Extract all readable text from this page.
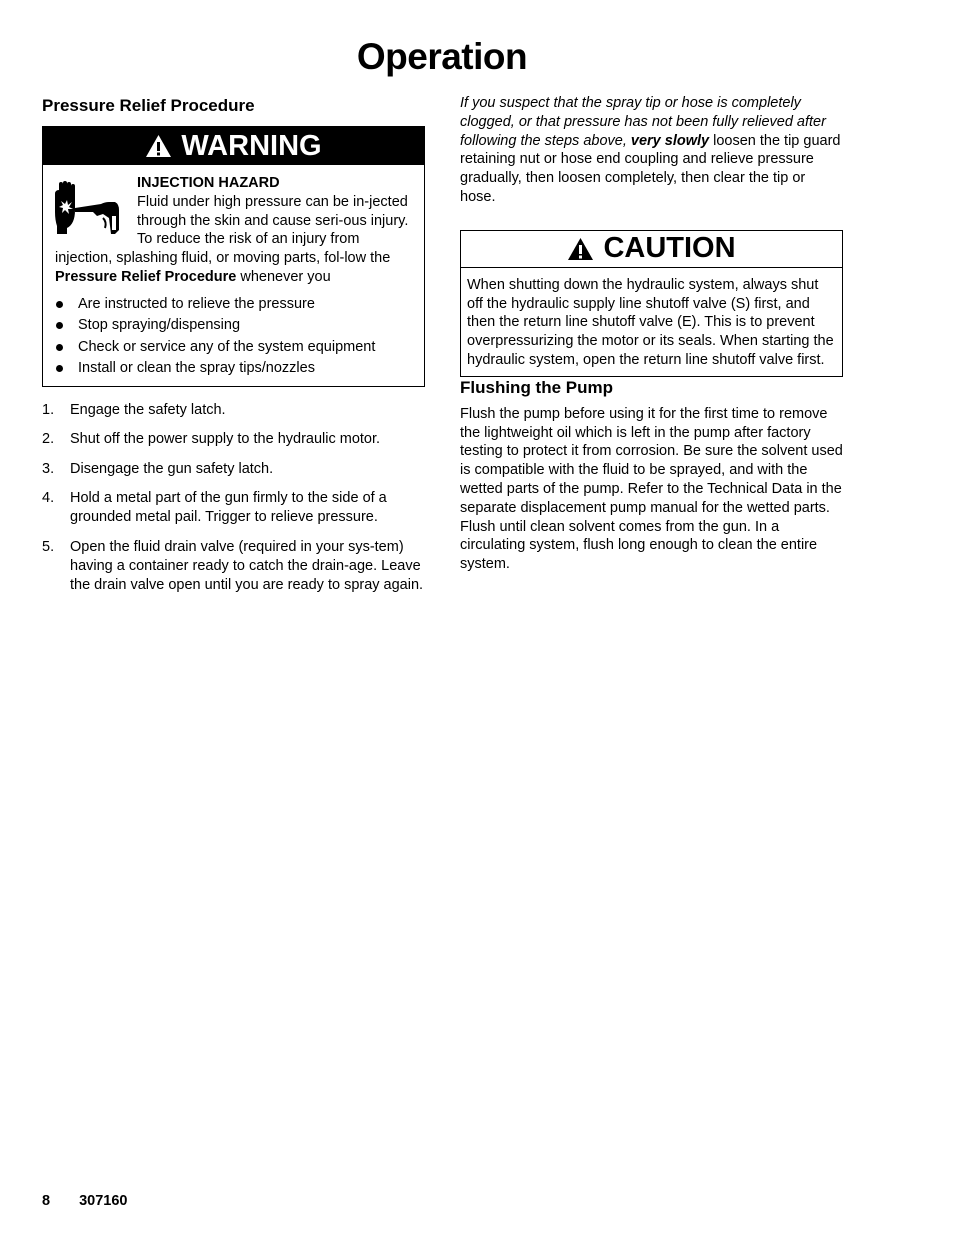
Operation
Pressure Relief Procedure
WARNING
INJECTION HAZARD
Fluid under high pressure can be in-jected through the skin and cause seri-ous injury. To reduce the risk of an injury from injection, splashing fluid, or moving parts, fol-low the Pressure Relief Procedure whenever you
Are instructed to relieve the pressure
Stop spraying/dispensing
Check or service any of the system equipment
Install or clean the spray tips/nozzles
1. Engage the safety latch.
2. Shut off the power supply to the hydraulic motor.
3. Disengage the gun safety latch.
4. Hold a metal part of the gun firmly to the side of a grounded metal pail. Trigger to relieve pressure.
5. Open the fluid drain valve (required in your sys-tem) having a container ready to catch the drain-age. Leave the drain valve open until you are ready to spray again.

If you suspect that the spray tip or hose is completely clogged, or that pressure has not been fully relieved after following the steps above, very slowly loosen the tip guard retaining nut or hose end coupling and relieve pressure gradually, then loosen completely, then clear the tip or hose.

CAUTION
When shutting down the hydraulic system, always shut off the hydraulic supply line shutoff valve (S) first, and then the return line shutoff valve (E). This is to prevent overpressurizing the motor or its seals. When starting the hydraulic system, open the return line shutoff valve first.
Flushing the Pump
Flush the pump before using it for the first time to remove the lightweight oil which is left in the pump after factory testing to protect it from corrosion. Be sure the solvent used is compatible with the fluid to be sprayed, and with the wetted parts of the pump. Refer to the Technical Data in the separate displacement pump manual for the wetted parts. Flush until clean solvent comes from the gun. In a circulating system, flush long enough to clean the entire system.
8 307160
